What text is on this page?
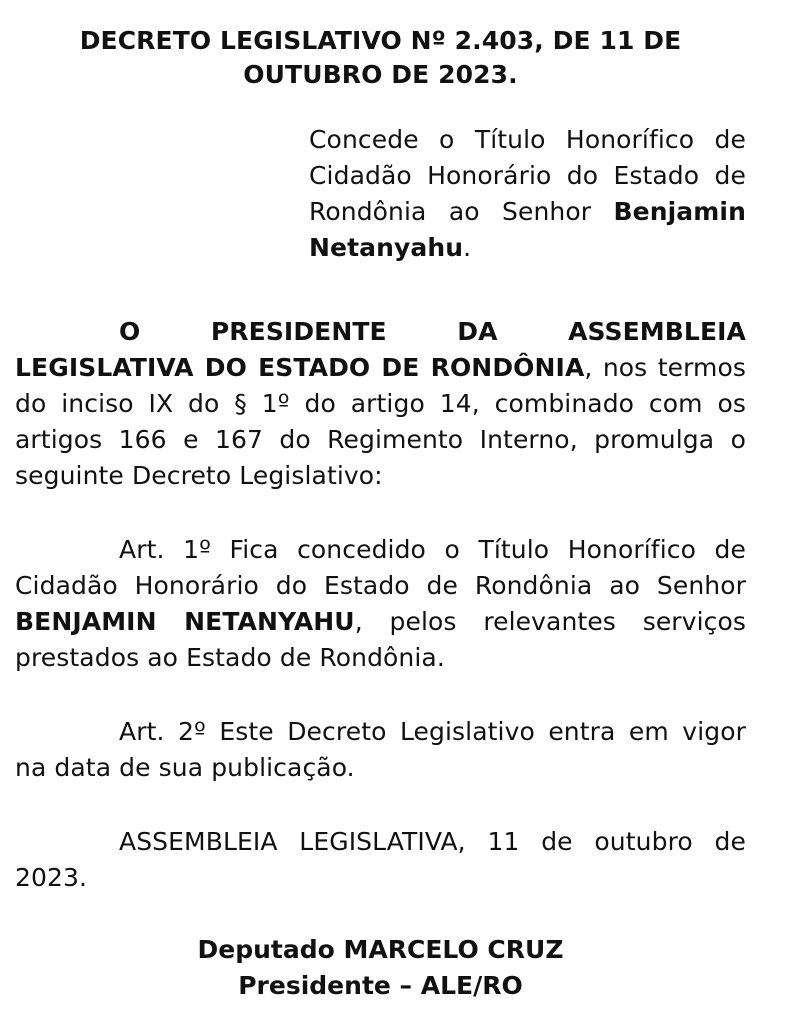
DECRETO LEGISLATIVO Nº 2.403, DE 11 DE
OUTUBRO DE 2023.

Concede o Título Honorífico de Cidadão Honorário do Estado de Rondônia ao Senhor Benjamin Netanyahu.

O	PRESIDENTE	DA	ASSEMBLEIA

LEGISLATIVA DO ESTADO DE RONDÔNIA, nos termos do inciso IX do § 1º do artigo 14, combinado com os artigos 166 e 167 do Regimento Interno, promulga o seguinte Decreto Legislativo:

Art. 1º Fica concedido o Título Honorífico de Cidadão Honorário do Estado de Rondônia ao Senhor BENJAMIN NETANYAHU, pelos relevantes serviços prestados ao Estado de Rondônia.

Art. 2º Este Decreto Legislativo entra em vigor na data de sua publicação.

ASSEMBLEIA LEGISLATIVA, 11 de outubro de 2023.

Deputado MARCELO CRUZ
Presidente – ALE/RO
